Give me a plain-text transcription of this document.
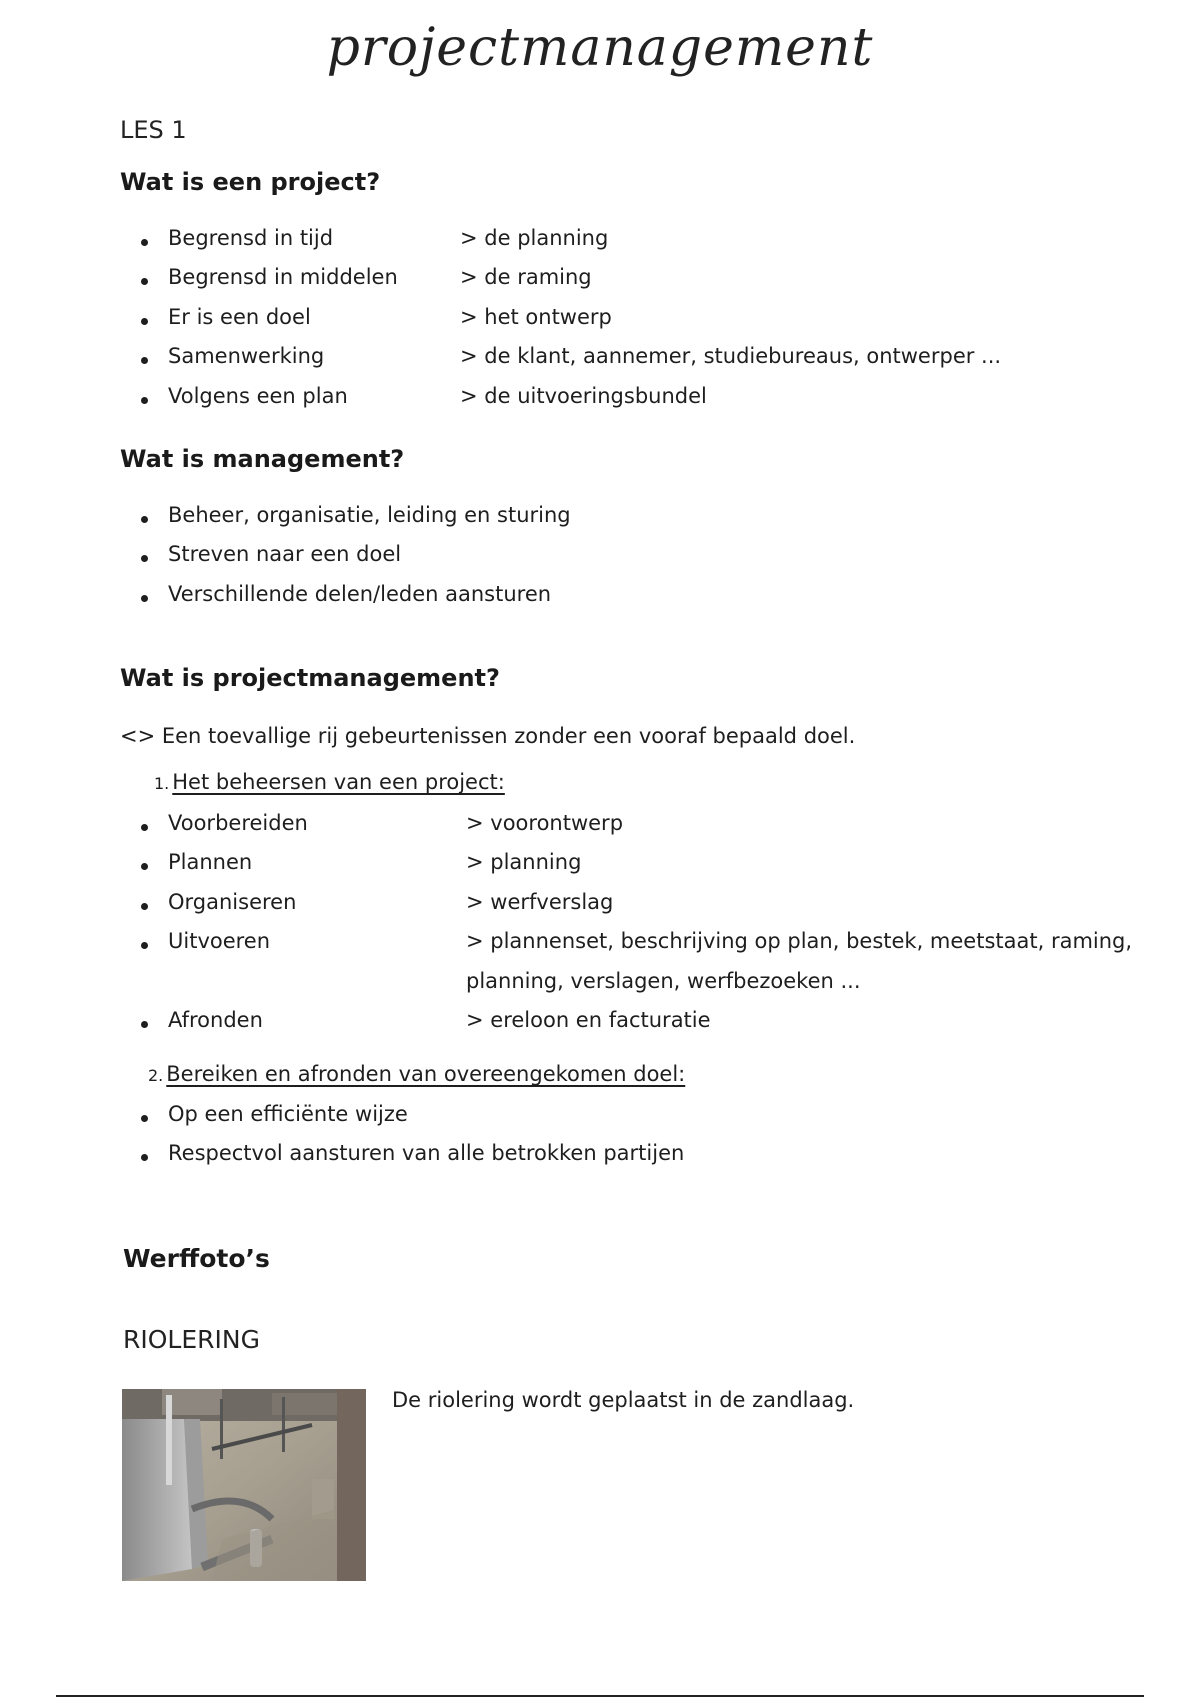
projectmanagement
LES 1
Wat is een project?
Begrensd in tijd	> de planning
Begrensd in middelen	> de raming
Er is een doel	> het ontwerp
Samenwerking	> de klant, aannemer, studiebureaus, ontwerper ...
Volgens een plan	> de uitvoeringsbundel
Wat is management?
Beheer, organisatie, leiding en sturing
Streven naar een doel
Verschillende delen/leden aansturen
Wat is projectmanagement?
<> Een toevallige rij gebeurtenissen zonder een vooraf bepaald doel.
1. Het beheersen van een project:
Voorbereiden	> voorontwerp
Plannen	> planning
Organiseren	> werfverslag
Uitvoeren	> plannenset, beschrijving op plan, bestek, meetstaat, raming,
planning, verslagen, werfbezoeken ...
Afronden	> ereloon en facturatie
2. Bereiken en afronden van overeengekomen doel:
Op een efficiënte wijze
Respectvol aansturen van alle betrokken partijen
Werffoto’s
RIOLERING
De riolering wordt geplaatst in de zandlaag.
